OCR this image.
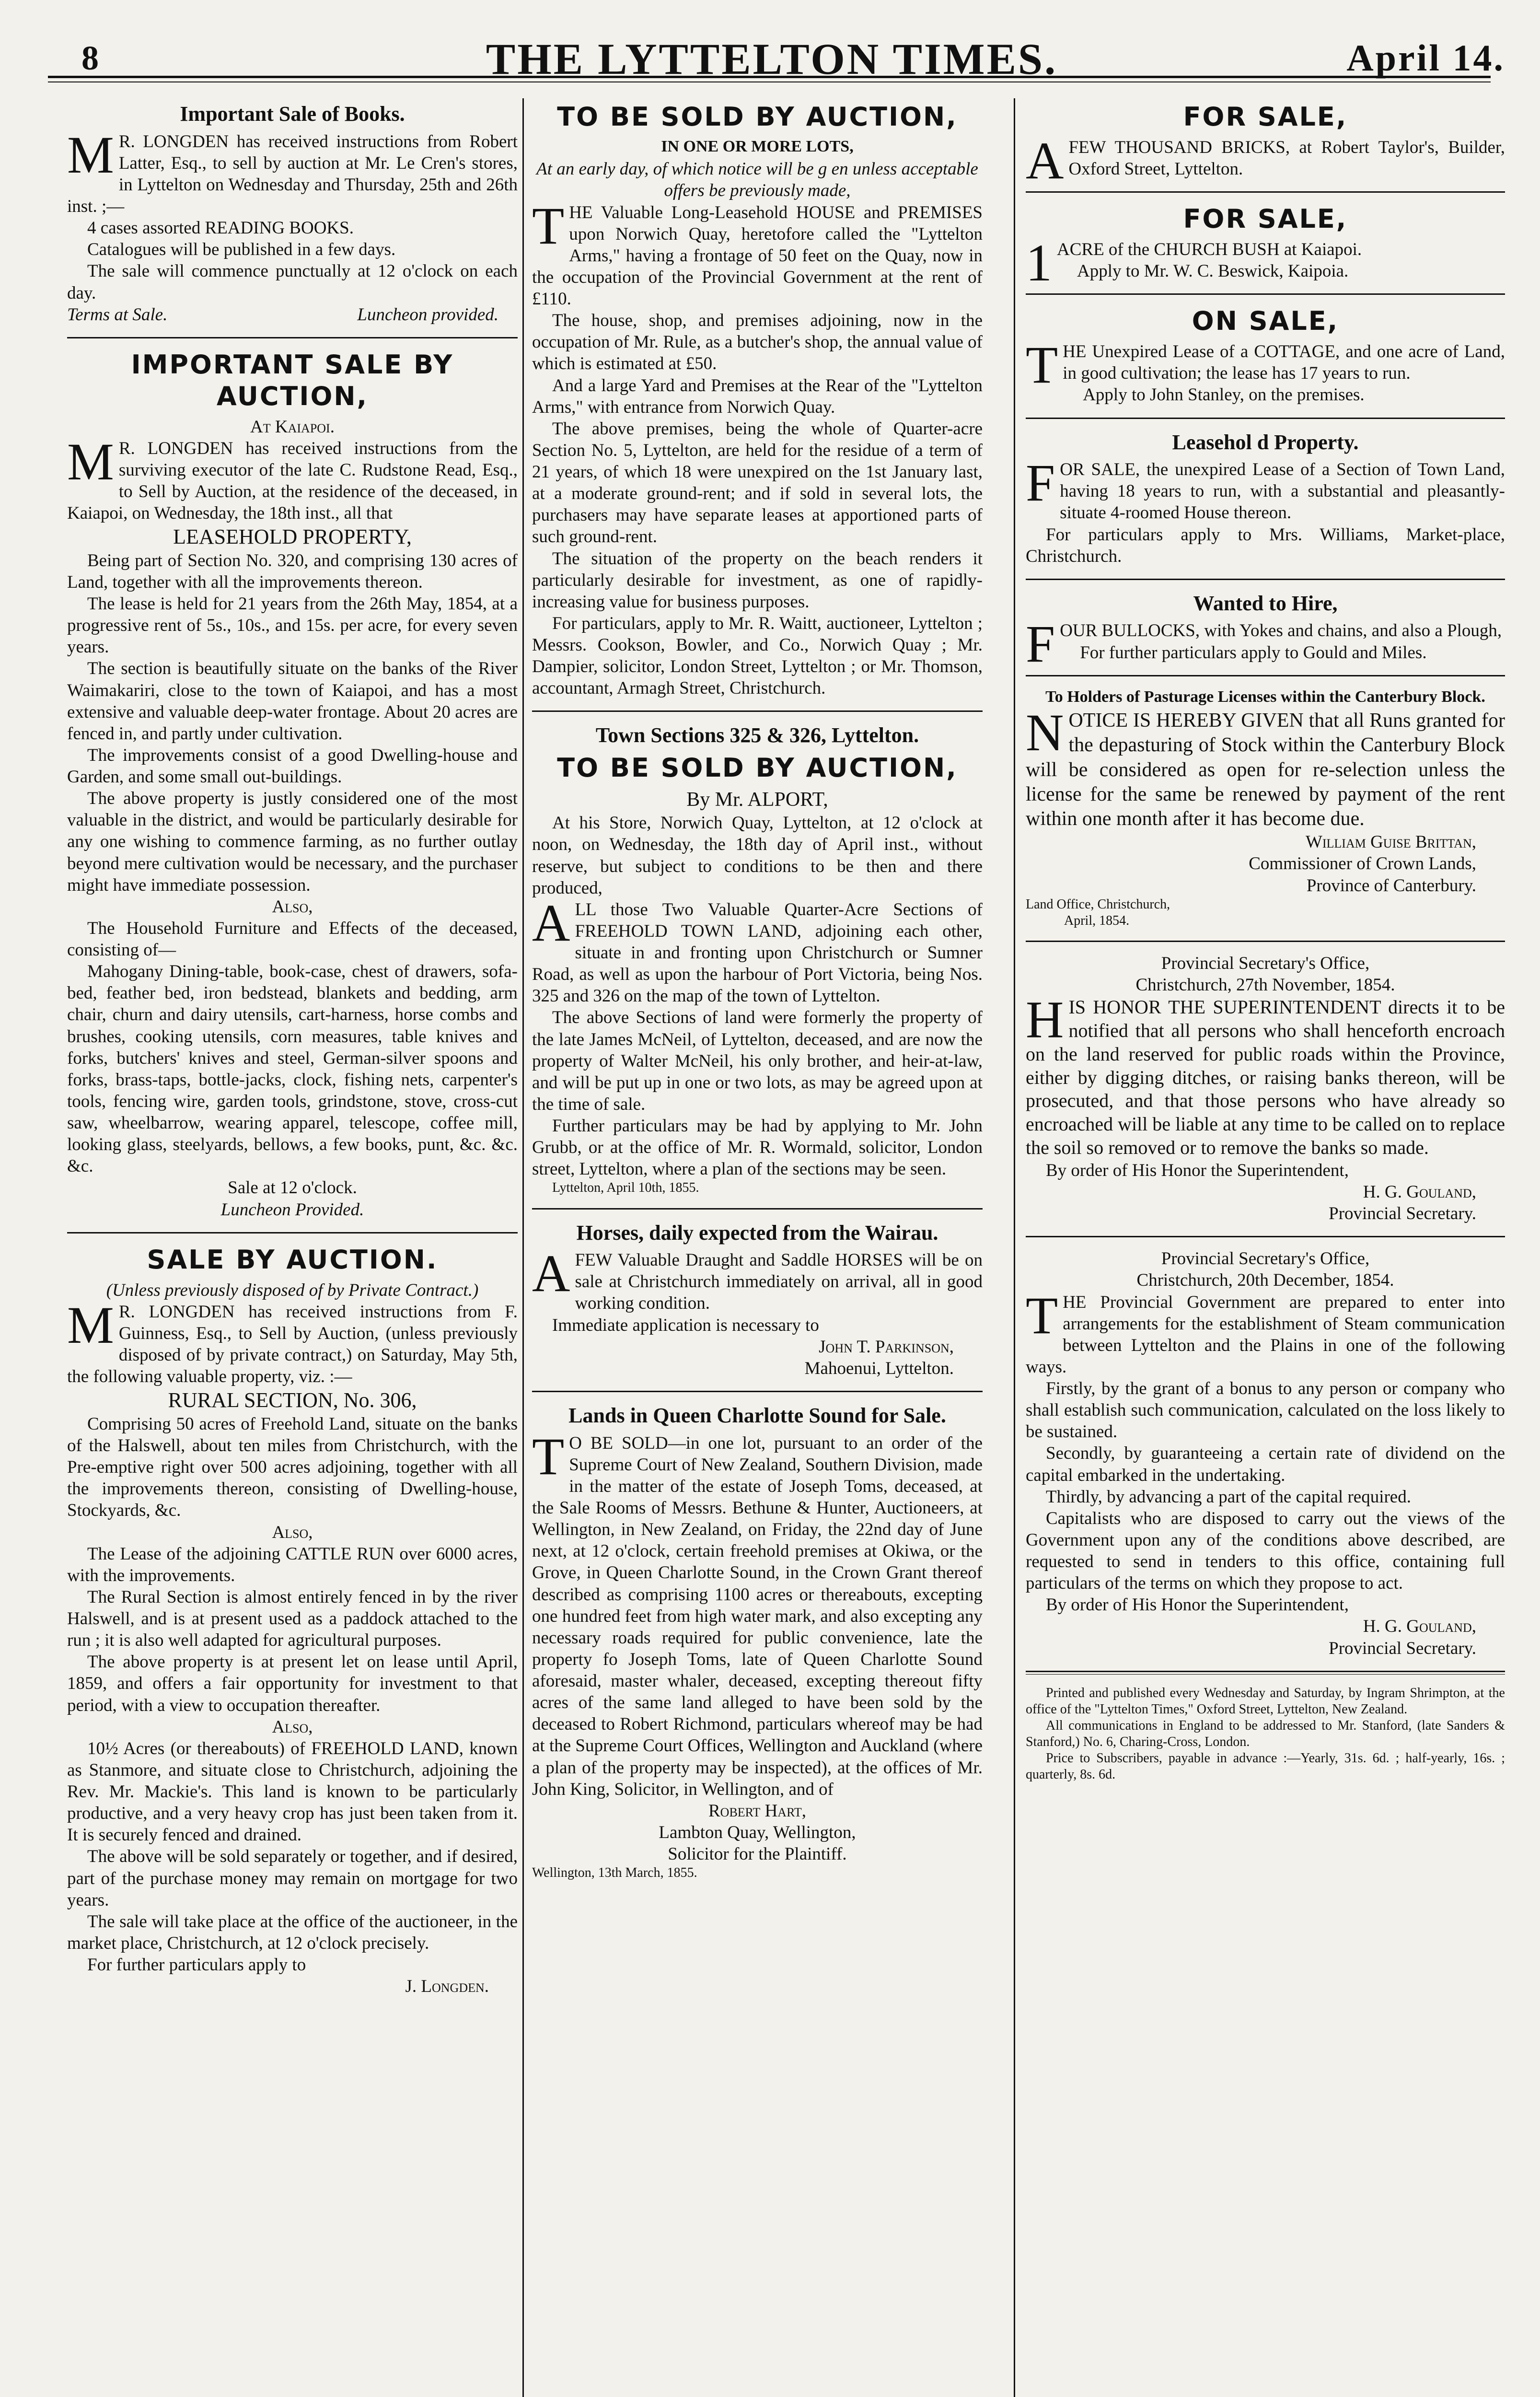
8	THE LYTTELTON TIMES.	April 14.
Important Sale of Books.

M R. LONGDEN has received instructions from Robert Latter, Esq., to sell by auction at Mr. Le Cren's stores, in Lyttelton on Wednesday and Thursday, 25th and 26th inst. ;—

4 cases assorted READING BOOKS.

Catalogues will be published in a few days.

The sale will commence punctually at 12 o'clock on each day.

Terms at Sale.	Luncheon provided.

IMPORTANT SALE BY AUCTION,
At Kaiapoi.

M R. LONGDEN has received instructions from the surviving executor of the late C. Rudstone Read, Esq., to Sell by Auction, at the residence of the deceased, in Kaiapoi, on Wednesday, the 18th inst., all that

LEASEHOLD PROPERTY,

Being part of Section No. 320, and comprising 130 acres of Land, together with all the improvements thereon.

The lease is held for 21 years from the 26th May, 1854, at a progressive rent of 5s., 10s., and 15s. per acre, for every seven years.

The section is beautifully situate on the banks of the River Waimakariri, close to the town of Kaiapoi, and has a most extensive and valuable deep-water frontage. About 20 acres are fenced in, and partly under cultivation.

The improvements consist of a good Dwelling-house and Garden, and some small out-buildings.

The above property is justly considered one of the most valuable in the district, and would be particularly desirable for any one wishing to commence farming, as no further outlay beyond mere cultivation would be necessary, and the purchaser might have immediate possession.

Also,

The Household Furniture and Effects of the deceased, consisting of—

Mahogany Dining-table, book-case, chest of drawers, sofa-bed, feather bed, iron bedstead, blankets and bedding, arm chair, churn and dairy utensils, cart-harness, horse combs and brushes, cooking utensils, corn measures, table knives and forks, butchers' knives and steel, German-silver spoons and forks, brass-taps, bottle-jacks, clock, fishing nets, carpenter's tools, fencing wire, garden tools, grindstone, stove, cross-cut saw, wheelbarrow, wearing apparel, telescope, coffee mill, looking glass, steelyards, bellows, a few books, punt, &c. &c. &c.

Sale at 12 o'clock.
Luncheon Provided.
SALE BY AUCTION.
(Unless previously disposed of by Private Contract.)

M R. LONGDEN has received instructions from F. Guinness, Esq., to Sell by Auction, (unless previously disposed of by private contract,) on Saturday, May 5th, the following valuable property, viz. :—

RURAL SECTION, No. 306,

Comprising 50 acres of Freehold Land, situate on the banks of the Halswell, about ten miles from Christchurch, with the Pre-emptive right over 500 acres adjoining, together with all the improvements thereon, consisting of Dwelling-house, Stockyards, &c.

Also,

The Lease of the adjoining CATTLE RUN over 6000 acres, with the improvements.

The Rural Section is almost entirely fenced in by the river Halswell, and is at present used as a paddock attached to the run ; it is also well adapted for agricultural purposes.

The above property is at present let on lease until April, 1859, and offers a fair opportunity for investment to that period, with a view to occupation thereafter.

Also,

10½ Acres (or thereabouts) of FREEHOLD LAND, known as Stanmore, and situate close to Christchurch, adjoining the Rev. Mr. Mackie's. This land is known to be particularly productive, and a very heavy crop has just been taken from it. It is securely fenced and drained.

The above will be sold separately or together, and if desired, part of the purchase money may remain on mortgage for two years.

The sale will take place at the office of the auctioneer, in the market place, Christchurch, at 12 o'clock precisely.

For further particulars apply to

J. Longden.
TO BE SOLD BY AUCTION,
IN ONE OR MORE LOTS,
At an early day, of which notice will be g en unless acceptable offers be previously made,

THE Valuable Long-Leasehold HOUSE and PREMISES upon Norwich Quay, heretofore called the "Lyttelton Arms," having a frontage of 50 feet on the Quay, now in the occupation of the Provincial Government at the rent of £110.

The house, shop, and premises adjoining, now in the occupation of Mr. Rule, as a butcher's shop, the annual value of which is estimated at £50.

And a large Yard and Premises at the Rear of the "Lyttelton Arms," with entrance from Norwich Quay.

The above premises, being the whole of Quarter-acre Section No. 5, Lyttelton, are held for the residue of a term of 21 years, of which 18 were unexpired on the 1st January last, at a moderate ground-rent; and if sold in several lots, the purchasers may have separate leases at apportioned parts of such ground-rent.

The situation of the property on the beach renders it particularly desirable for investment, as one of rapidly-increasing value for business purposes.

For particulars, apply to Mr. R. Waitt, auctioneer, Lyttelton ; Messrs. Cookson, Bowler, and Co., Norwich Quay ; Mr. Dampier, solicitor, London Street, Lyttelton ; or Mr. Thomson, accountant, Armagh Street, Christchurch.

Town Sections 325 & 326, Lyttelton.
TO BE SOLD BY AUCTION,
By Mr. ALPORT,

At his Store, Norwich Quay, Lyttelton, at 12 o'clock at noon, on Wednesday, the 18th day of April inst., without reserve, but subject to conditions to be then and there produced,

ALL those Two Valuable Quarter-Acre Sections of FREEHOLD TOWN LAND, adjoining each other, situate in and fronting upon Christchurch or Sumner Road, as well as upon the harbour of Port Victoria, being Nos. 325 and 326 on the map of the town of Lyttelton.

The above Sections of land were formerly the property of the late James McNeil, of Lyttelton, deceased, and are now the property of Walter McNeil, his only brother, and heir-at-law, and will be put up in one or two lots, as may be agreed upon at the time of sale.

Further particulars may be had by applying to Mr. John Grubb, or at the office of Mr. R. Wormald, solicitor, London street, Lyttelton, where a plan of the sections may be seen.

Lyttelton, April 10th, 1855.

Horses, daily expected from the Wairau.

AFEW Valuable Draught and Saddle HORSES will be on sale at Christchurch immediately on arrival, all in good working condition.

Immediate application is necessary to

John T. Parkinson,
Mahoenui, Lyttelton.
Lands in Queen Charlotte Sound for Sale.

T O BE SOLD—in one lot, pursuant to an order of the Supreme Court of New Zealand, Southern Division, made in the matter of the estate of Joseph Toms, deceased, at the Sale Rooms of Messrs. Bethune & Hunter, Auctioneers, at Wellington, in New Zealand, on Friday, the 22nd day of June next, at 12 o'clock, certain freehold premises at Okiwa, or the Grove, in Queen Charlotte Sound, in the Crown Grant thereof described as comprising 1100 acres or thereabouts, excepting one hundred feet from high water mark, and also excepting any necessary roads required for public convenience, late the property fo Joseph Toms, late of Queen Charlotte Sound aforesaid, master whaler, deceased, excepting thereout fifty acres of the same land alleged to have been sold by the deceased to Robert Richmond, particulars whereof may be had at the Supreme Court Offices, Wellington and Auckland (where a plan of the property may be inspected), at the offices of Mr. John King, Solicitor, in Wellington, and of

Robert Hart,
Lambton Quay, Wellington,
Solicitor for the Plaintiff.

Wellington, 13th March, 1855.

FOR SALE,

AFEW THOUSAND BRICKS, at Robert Taylor's, Builder, Oxford Street, Lyttelton.

FOR SALE,

1 ACRE of the CHURCH BUSH at Kaiapoi.

Apply to Mr. W. C. Beswick, Kaipoia.

ON SALE,

THE Unexpired Lease of a COTTAGE, and one acre of Land, in good cultivation; the lease has 17 years to run.

Apply to John Stanley, on the premises.

Leasehol d Property.

FOR SALE, the unexpired Lease of a Section of Town Land, having 18 years to run, with a substantial and pleasantly-situate 4-roomed House thereon.

For particulars apply to Mrs. Williams, Market-place, Christchurch.

Wanted to Hire,

FOUR BULLOCKS, with Yokes and chains, and also a Plough,

For further particulars apply to Gould and Miles.

To Holders of Pasturage Licenses within the Canterbury Block.

NOTICE IS HEREBY GIVEN that all Runs granted for the depasturing of Stock within the Canterbury Block will be considered as open for re-selection unless the license for the same be renewed by payment of the rent within one month after it has become due.

William Guise Brittan,
Commissioner of Crown Lands,
Province of Canterbury.

Land Office, Christchurch,

April, 1854.

Provincial Secretary's Office,
Christchurch, 27th November, 1854.

HIS HONOR THE SUPERINTENDENT directs it to be notified that all persons who shall henceforth encroach on the land reserved for public roads within the Province, either by digging ditches, or raising banks thereon, will be prosecuted, and that those persons who have already so encroached will be liable at any time to be called on to replace the soil so removed or to remove the banks so made.

By order of His Honor the Superintendent,

H. G. Gouland,
Provincial Secretary.
Provincial Secretary's Office,
Christchurch, 20th December, 1854.

THE Provincial Government are prepared to enter into arrangements for the establishment of Steam communication between Lyttelton and the Plains in one of the following ways.

Firstly, by the grant of a bonus to any person or company who shall establish such communication, calculated on the loss likely to be sustained.

Secondly, by guaranteeing a certain rate of dividend on the capital embarked in the undertaking.

Thirdly, by advancing a part of the capital required.

Capitalists who are disposed to carry out the views of the Government upon any of the conditions above described, are requested to send in tenders to this office, containing full particulars of the terms on which they propose to act.

By order of His Honor the Superintendent,

H. G. Gouland,
Provincial Secretary.

Printed and published every Wednesday and Saturday, by Ingram Shrimpton, at the office of the "Lyttelton Times," Oxford Street, Lyttelton, New Zealand.

All communications in England to be addressed to Mr. Stanford, (late Sanders & Stanford,) No. 6, Charing-Cross, London.

Price to Subscribers, payable in advance :—Yearly, 31s. 6d. ; half-yearly, 16s. ; quarterly, 8s. 6d.
